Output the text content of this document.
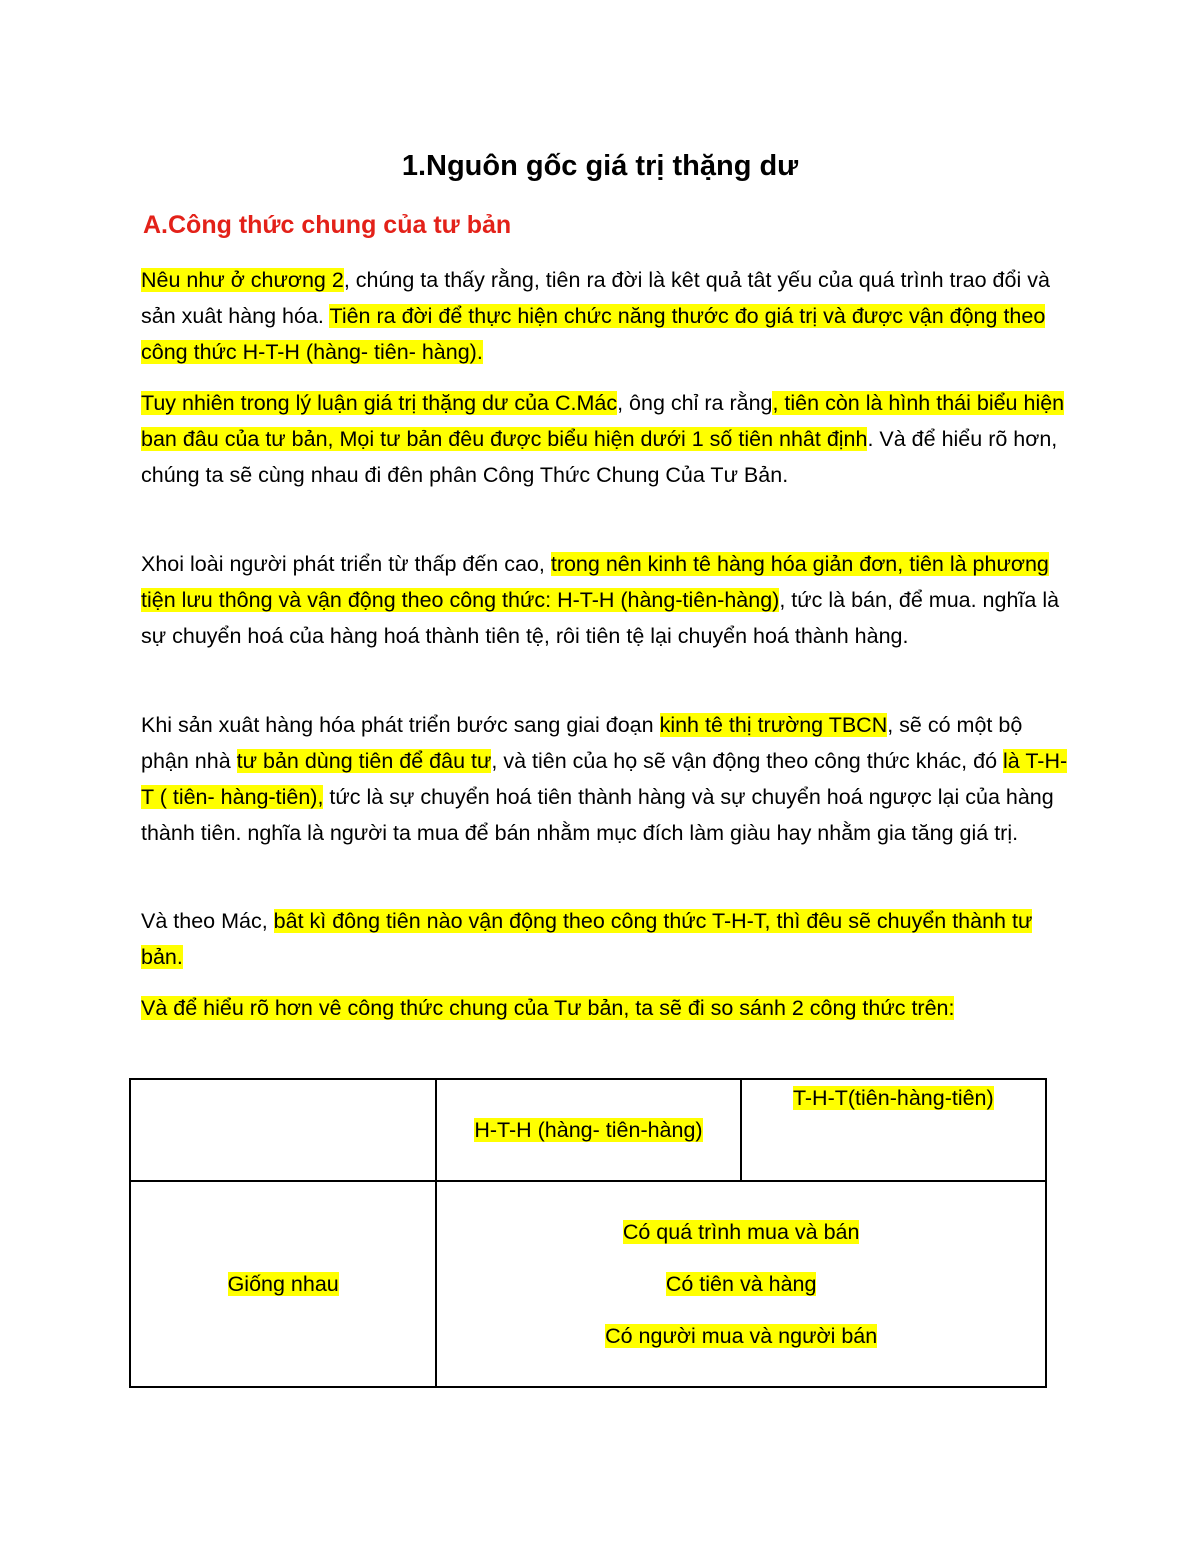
1.Nguôn gốc giá trị thặng dư
A.Công thức chung của tư bản

Nêu như ở chương 2, chúng ta thấy rằng, tiên ra đời là kêt quả tât yếu của quá trình trao đổi và sản xuât hàng hóa. Tiên ra đời để thực hiện chức năng thước đo giá trị và được vận động theo công thức H-T-H (hàng- tiên- hàng).

Tuy nhiên trong lý luận giá trị thặng dư của C.Mác, ông chỉ ra rằng, tiên còn là hình thái biểu hiện ban đâu của tư bản, Mọi tư bản đêu được biểu hiện dưới 1 số tiên nhât định. Và để hiểu rõ hơn, chúng ta sẽ cùng nhau đi đên phân Công Thức Chung Của Tư Bản.

Xhoi loài người phát triển từ thấp đến cao, trong nên kinh tê hàng hóa giản đơn, tiên là phương tiện lưu thông và vận động theo công thức: H-T-H (hàng-tiên-hàng), tức là bán, để mua. nghĩa là sự chuyển hoá của hàng hoá thành tiên tệ, rôi tiên tệ lại chuyển hoá thành hàng.

Khi sản xuât hàng hóa phát triển bước sang giai đoạn kinh tê thị trường TBCN, sẽ có một bộ phận nhà tư bản dùng tiên để đâu tư, và tiên của họ sẽ vận động theo công thức khác, đó là T-H-T ( tiên- hàng-tiên), tức là sự chuyển hoá tiên thành hàng và sự chuyển hoá ngược lại của hàng thành tiên. nghĩa là người ta mua để bán nhằm mục đích làm giàu hay nhằm gia tăng giá trị.

Và theo Mác, bât kì đông tiên nào vận động theo công thức T-H-T, thì đêu sẽ chuyển thành tư bản.

Và để hiểu rõ hơn vê công thức chung của Tư bản, ta sẽ đi so sánh 2 công thức trên:

	H-T-H (hàng- tiên-hàng)	T-H-T(tiên-hàng-tiên)

Giống nhau	Có quá trình mua và bán

Có tiên và hàng

Có người mua và người bán	
